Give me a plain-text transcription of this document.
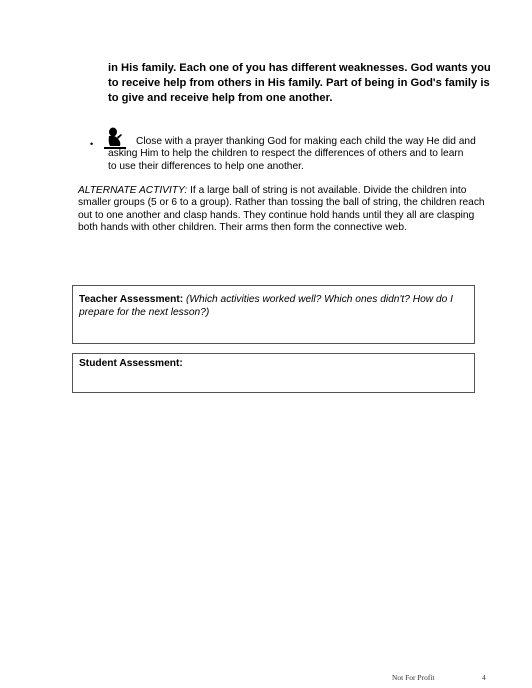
in His family. Each one of you has different weaknesses. God wants you to receive help from others in His family. Part of being in God's family is to give and receive help from one another.
•	Close with a prayer thanking God for making each child the way He did and
asking Him to help the children to respect the differences of others and to learn
to use their differences to help one another.
ALTERNATE ACTIVITY: If a large ball of string is not available. Divide the children into smaller groups (5 or 6 to a group). Rather than tossing the ball of string, the children reach out to one another and clasp hands. They continue hold hands until they all are clasping both hands with other children. Their arms then form the connective web.
Teacher Assessment: (Which activities worked well? Which ones didn't? How do I prepare for the next lesson?)
Student Assessment:
Not For Profit	4
